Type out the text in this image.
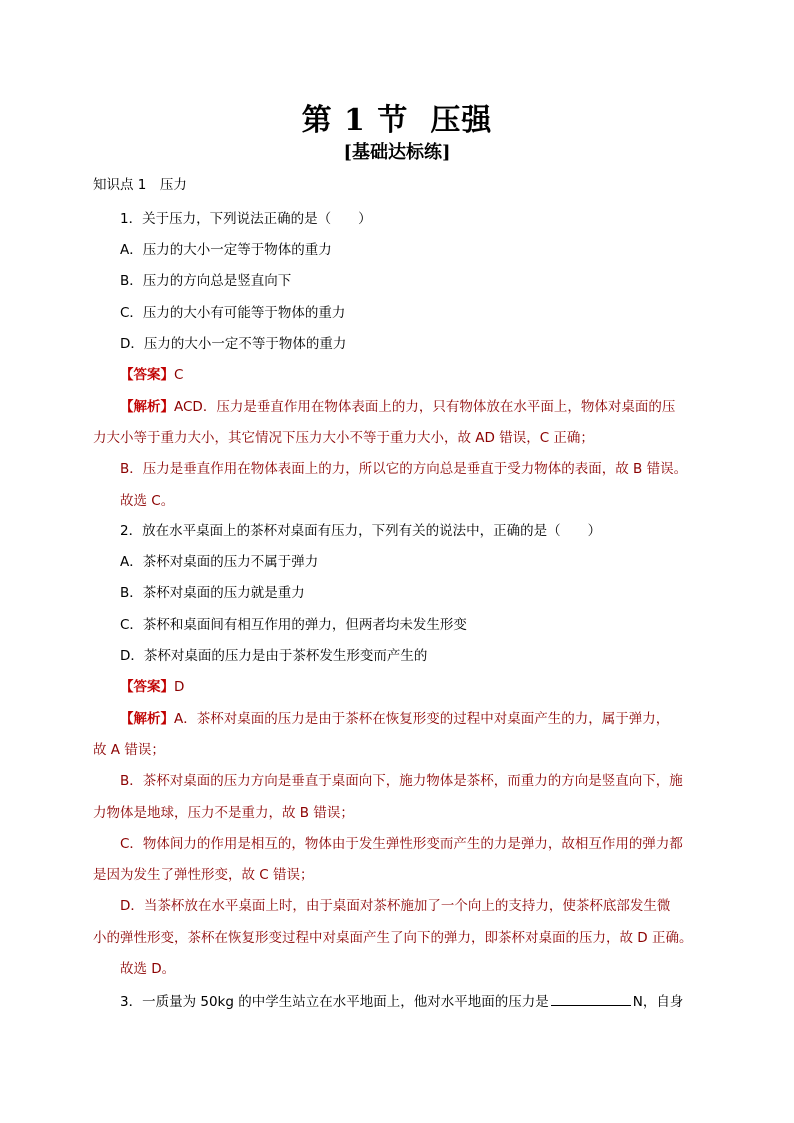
第 1 节 压强
[基础达标练]
知识点 1　压力
1．关于压力，下列说法正确的是（　　）
A．压力的大小一定等于物体的重力
B．压力的方向总是竖直向下
C．压力的大小有可能等于物体的重力
D．压力的大小一定不等于物体的重力
【答案】C
【解析】ACD．压力是垂直作用在物体表面上的力，只有物体放在水平面上，物体对桌面的压
力大小等于重力大小，其它情况下压力大小不等于重力大小，故 AD 错误，C 正确；
B．压力是垂直作用在物体表面上的力，所以它的方向总是垂直于受力物体的表面，故 B 错误。
故选 C。
2．放在水平桌面上的茶杯对桌面有压力，下列有关的说法中，正确的是（　　）
A．茶杯对桌面的压力不属于弹力
B．茶杯对桌面的压力就是重力
C．茶杯和桌面间有相互作用的弹力，但两者均未发生形变
D．茶杯对桌面的压力是由于茶杯发生形变而产生的
【答案】D
【解析】A．茶杯对桌面的压力是由于茶杯在恢复形变的过程中对桌面产生的力，属于弹力，
故 A 错误；
B．茶杯对桌面的压力方向是垂直于桌面向下，施力物体是茶杯，而重力的方向是竖直向下，施
力物体是地球，压力不是重力，故 B 错误；
C．物体间力的作用是相互的，物体由于发生弹性形变而产生的力是弹力，故相互作用的弹力都
是因为发生了弹性形变，故 C 错误；
D．当茶杯放在水平桌面上时，由于桌面对茶杯施加了一个向上的支持力，使茶杯底部发生微
小的弹性形变，茶杯在恢复形变过程中对桌面产生了向下的弹力，即茶杯对桌面的压力，故 D 正确。
故选 D。
3．一质量为 50kg 的中学生站立在水平地面上，他对水平地面的压力是	N，自身
